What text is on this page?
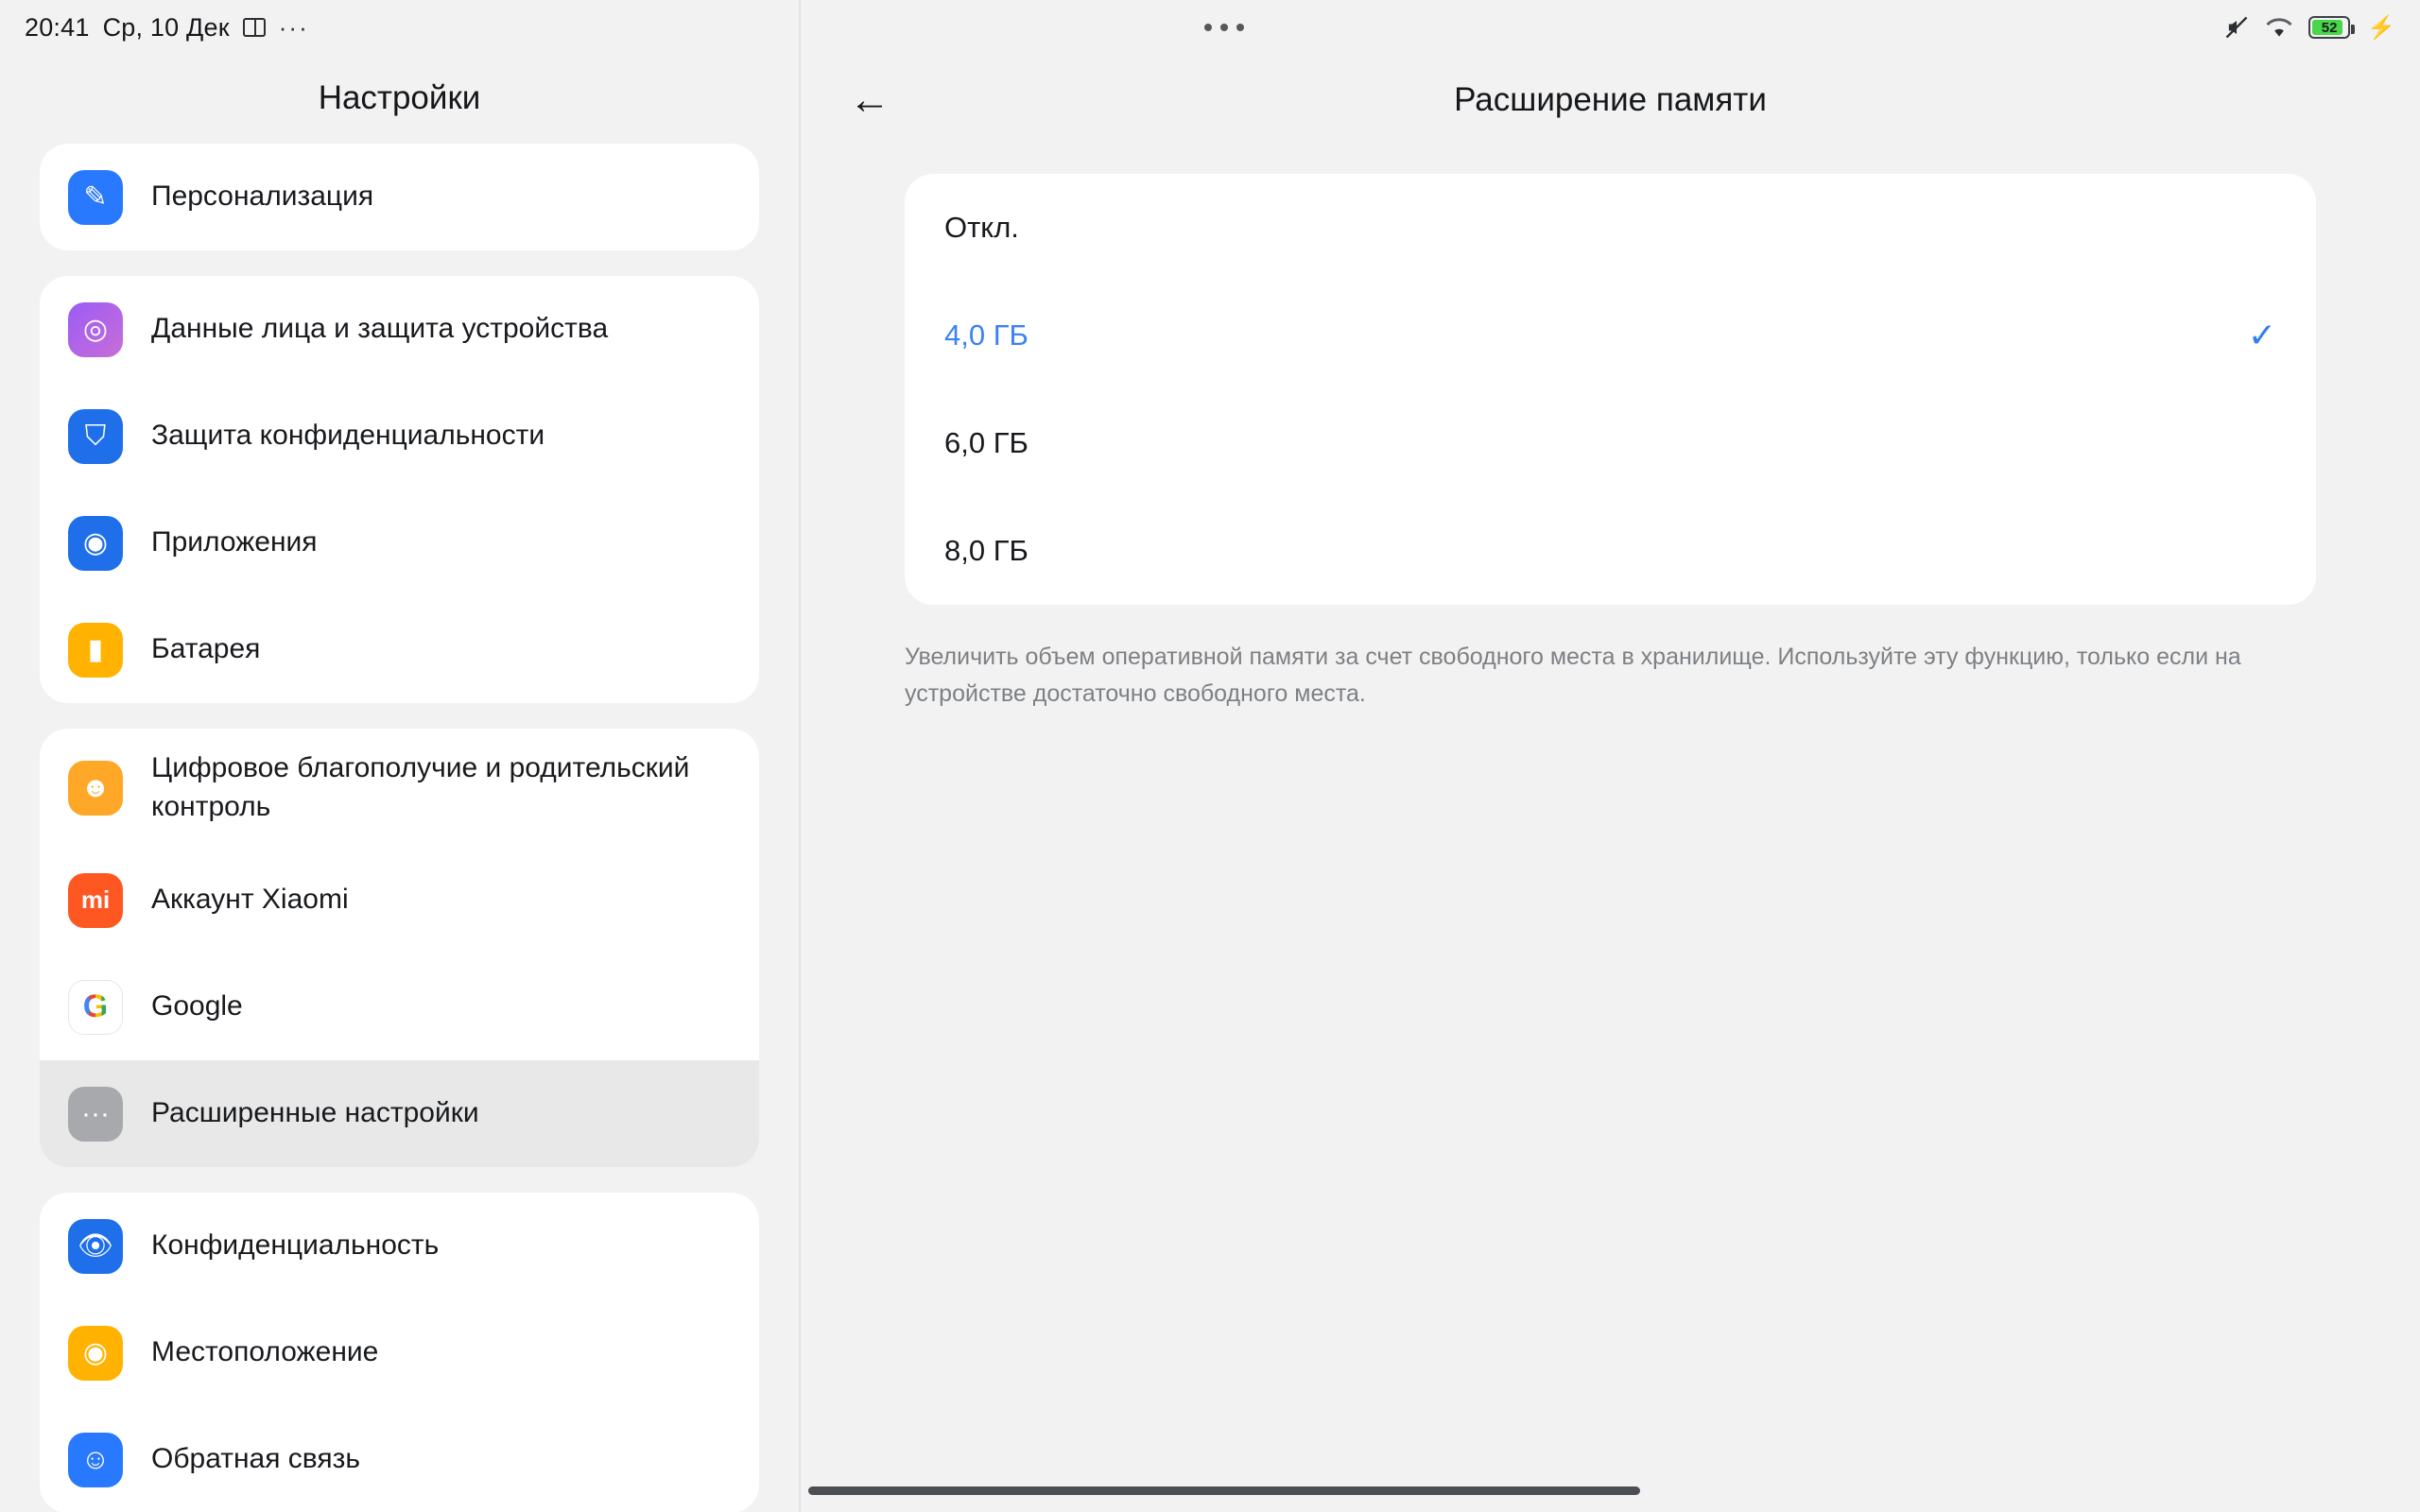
20:41 Ср, 10 Дек ···	52 ⚡
Настройки
✎	Персонализация
◎	Данные лица и защита устройства
⛉	Защита конфиденциальности
◉	Приложения
▮	Батарея
☻
Цифровое благополучие и родительский контроль
mi	Аккаунт Xiaomi
G Google
···	Расширенные настройки
👁	Конфиденциальность
◉	Местоположение
☺	Обратная связь
←	Расширение памяти
Откл.
4,0 ГБ	✓
6,0 ГБ
8,0 ГБ
Увеличить объем оперативной памяти за счет свободного места в хранилище. Используйте эту функцию, только если на устройстве достаточно свободного места.
